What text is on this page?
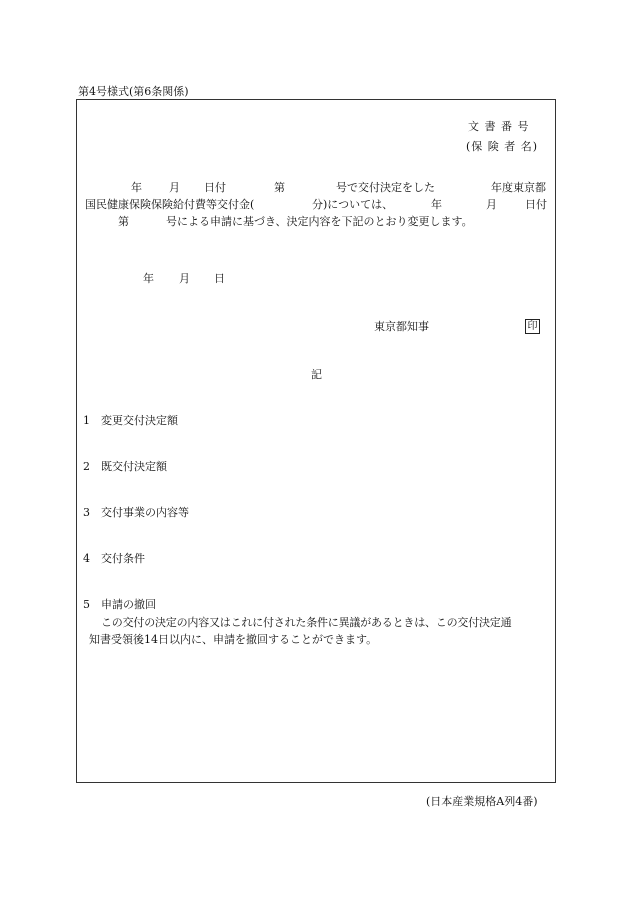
第4号様式(第6条関係)
文 書 番 号
(保 険 者 名)
年 月 日付	第	号で交付決定をした	年度東京都
国民健康保険保険給付費等交付金(	分)については、	年	月	日付
第	号による申請に基づき、決定内容を下記のとおり変更します。
年 月 日
東京都知事	印
記
1 変更交付決定額
2 既交付決定額
3 交付事業の内容等
4 交付条件
5 申請の撤回
この交付の決定の内容又はこれに付された条件に異議があるときは、この交付決定通
知書受領後14日以内に、申請を撤回することができます。
(日本産業規格A列4番)
